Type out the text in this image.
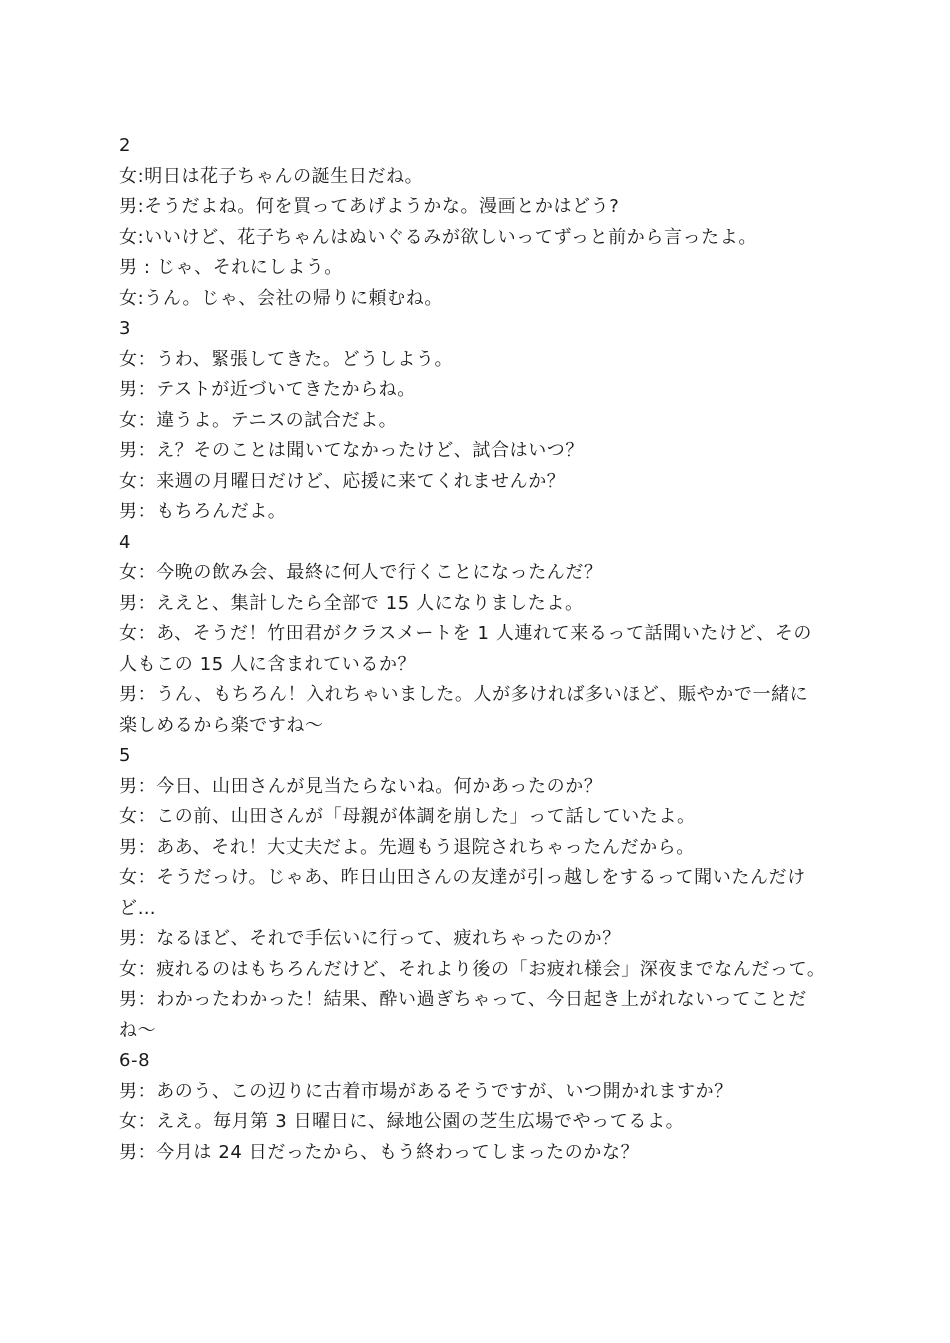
2
女:明日は花子ちゃんの誕生日だね。
男:そうだよね。何を買ってあげようかな。漫画とかはどう?
女:いいけど、花子ちゃんはぬいぐるみが欲しいってずっと前から言ったよ。
男 : じゃ、それにしよう。
女:うん。じゃ、会社の帰りに頼むね。
3
女：うわ、緊張してきた。どうしよう。
男：テストが近づいてきたからね。
女：違うよ。テニスの試合だよ。
男：え？そのことは聞いてなかったけど、試合はいつ？
女：来週の月曜日だけど、応援に来てくれませんか？
男：もちろんだよ。
4
女：今晩の飲み会、最終に何人で行くことになったんだ？
男：ええと、集計したら全部で 15 人になりましたよ。
女：あ、そうだ！竹田君がクラスメートを 1 人連れて来るって話聞いたけど、その
人もこの 15 人に含まれているか？
男：うん、もちろん！入れちゃいました。人が多ければ多いほど、賑やかで一緒に
楽しめるから楽ですね～
5
男：今日、山田さんが見当たらないね。何かあったのか？
女：この前、山田さんが「母親が体調を崩した」って話していたよ。
男：ああ、それ！大丈夫だよ。先週もう退院されちゃったんだから。
女：そうだっけ。じゃあ、昨日山田さんの友達が引っ越しをするって聞いたんだけ
ど…
男：なるほど、それで手伝いに行って、疲れちゃったのか？
女：疲れるのはもちろんだけど、それより後の「お疲れ様会」深夜までなんだって。
男：わかったわかった！結果、酔い過ぎちゃって、今日起き上がれないってことだ
ね～
6-8
男：あのう、この辺りに古着市場があるそうですが、いつ開かれますか？
女：ええ。毎月第 3 日曜日に、緑地公園の芝生広場でやってるよ。
男：今月は 24 日だったから、もう終わってしまったのかな？
